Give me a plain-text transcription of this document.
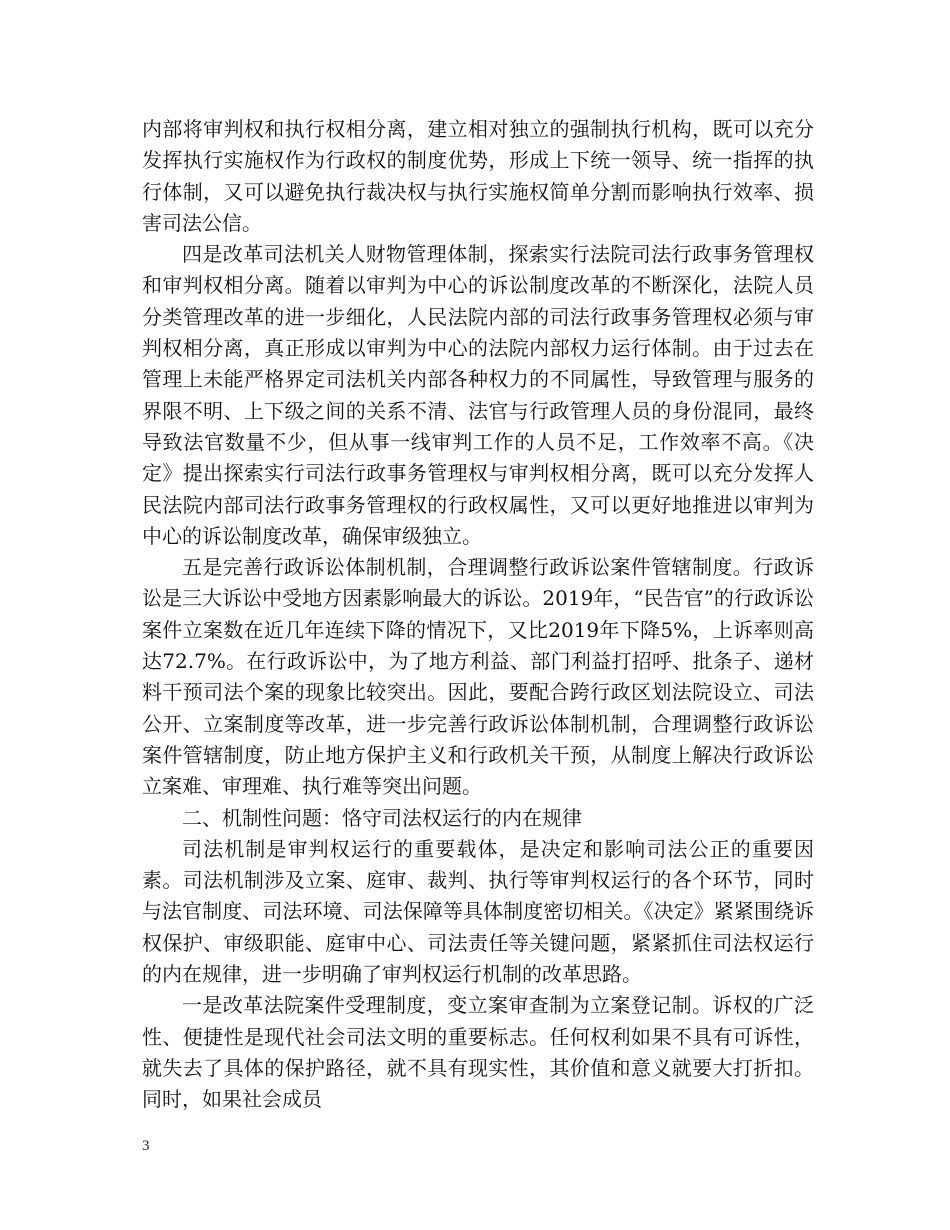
内部将审判权和执行权相分离，建立相对独立的强制执行机构，既可以充分发挥执行实施权作为行政权的制度优势，形成上下统一领导、统一指挥的执行体制，又可以避免执行裁决权与执行实施权简单分割而影响执行效率、损害司法公信。

四是改革司法机关人财物管理体制，探索实行法院司法行政事务管理权和审判权相分离。随着以审判为中心的诉讼制度改革的不断深化，法院人员分类管理改革的进一步细化，人民法院内部的司法行政事务管理权必须与审判权相分离，真正形成以审判为中心的法院内部权力运行体制。由于过去在管理上未能严格界定司法机关内部各种权力的不同属性，导致管理与服务的界限不明、上下级之间的关系不清、法官与行政管理人员的身份混同，最终导致法官数量不少，但从事一线审判工作的人员不足，工作效率不高。《决定》提出探索实行司法行政事务管理权与审判权相分离，既可以充分发挥人民法院内部司法行政事务管理权的行政权属性，又可以更好地推进以审判为中心的诉讼制度改革，确保审级独立。

五是完善行政诉讼体制机制，合理调整行政诉讼案件管辖制度。行政诉讼是三大诉讼中受地方因素影响最大的诉讼。2019年，“民告官”的行政诉讼案件立案数在近几年连续下降的情况下，又比2019年下降5%，上诉率则高达72.7%。在行政诉讼中，为了地方利益、部门利益打招呼、批条子、递材料干预司法个案的现象比较突出。因此，要配合跨行政区划法院设立、司法公开、立案制度等改革，进一步完善行政诉讼体制机制，合理调整行政诉讼案件管辖制度，防止地方保护主义和行政机关干预，从制度上解决行政诉讼立案难、审理难、执行难等突出问题。

二、机制性问题：恪守司法权运行的内在规律

司法机制是审判权运行的重要载体，是决定和影响司法公正的重要因素。司法机制涉及立案、庭审、裁判、执行等审判权运行的各个环节，同时与法官制度、司法环境、司法保障等具体制度密切相关。《决定》紧紧围绕诉权保护、审级职能、庭审中心、司法责任等关键问题，紧紧抓住司法权运行的内在规律，进一步明确了审判权运行机制的改革思路。

一是改革法院案件受理制度，变立案审查制为立案登记制。诉权的广泛性、便捷性是现代社会司法文明的重要标志。任何权利如果不具有可诉性，就失去了具体的保护路径，就不具有现实性，其价值和意义就要大打折扣。同时，如果社会成员

3
